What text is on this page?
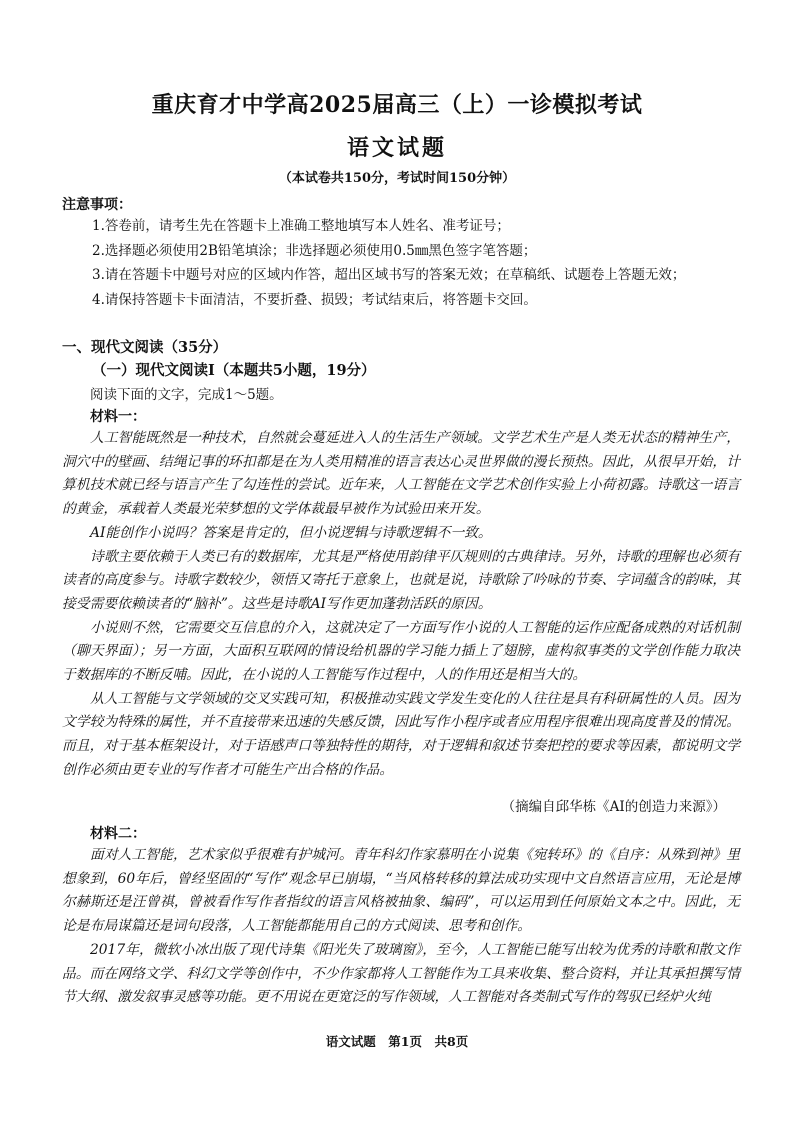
重庆育才中学高2025届高三（上）一诊模拟考试
语文试题
（本试卷共150分，考试时间150分钟）
注意事项：
1.答卷前，请考生先在答题卡上准确工整地填写本人姓名、准考证号；
2.选择题必须使用2B铅笔填涂；非选择题必须使用0.5㎜黑色签字笔答题；
3.请在答题卡中题号对应的区域内作答，超出区域书写的答案无效；在草稿纸、试题卷上答题无效；
4.请保持答题卡卡面清洁，不要折叠、损毁；考试结束后，将答题卡交回。
一、现代文阅读（35分）
（一）现代文阅读Ⅰ（本题共5小题，19分）
阅读下面的文字，完成1～5题。
材料一：

人工智能既然是一种技术，自然就会蔓延进入人的生活生产领域。文学艺术生产是人类无状态的精神生产，洞穴中的壁画、结绳记事的环扣都是在为人类用精准的语言表达心灵世界做的漫长预热。因此，从很早开始，计算机技术就已经与语言产生了勾连性的尝试。近年来，人工智能在文学艺术创作实验上小荷初露。诗歌这一语言的黄金，承载着人类最光荣梦想的文学体裁最早被作为试验田来开发。

AI能创作小说吗？答案是肯定的，但小说逻辑与诗歌逻辑不一致。

诗歌主要依赖于人类已有的数据库，尤其是严格使用韵律平仄规则的古典律诗。另外，诗歌的理解也必须有读者的高度参与。诗歌字数较少，领悟又寄托于意象上，也就是说，诗歌除了吟咏的节奏、字词蕴含的韵味，其接受需要依赖读者的“脑补”。这些是诗歌AI写作更加蓬勃活跃的原因。

小说则不然，它需要交互信息的介入，这就决定了一方面写作小说的人工智能的运作应配备成熟的对话机制（聊天界面）；另一方面，大面积互联网的情设给机器的学习能力插上了翅膀，虚构叙事类的文学创作能力取决于数据库的不断反哺。因此，在小说的人工智能写作过程中，人的作用还是相当大的。

从人工智能与文学领域的交叉实践可知，积极推动实践文学发生变化的人往往是具有科研属性的人员。因为文学较为特殊的属性，并不直接带来迅速的失感反馈，因此写作小程序或者应用程序很难出现高度普及的情况。而且，对于基本框架设计，对于语感声口等独特性的期待，对于逻辑和叙述节奏把控的要求等因素，都说明文学创作必须由更专业的写作者才可能生产出合格的作品。

（摘编自邱华栋《AI的创造力来源》）
材料二：

面对人工智能，艺术家似乎很难有护城河。青年科幻作家慕明在小说集《宛转环》的《自序：从殊到神》里想象到，60年后，曾经坚固的“写作”观念早已崩塌，“当风格转移的算法成功实现中文自然语言应用，无论是博尔赫斯还是汪曾祺，曾被看作写作者指纹的语言风格被抽象、编码”，可以运用到任何原始文本之中。因此，无论是布局谋篇还是词句段落，人工智能都能用自己的方式阅读、思考和创作。

2017年，微软小冰出版了现代诗集《阳光失了玻璃窗》，至今，人工智能已能写出较为优秀的诗歌和散文作品。而在网络文学、科幻文学等创作中，不少作家都将人工智能作为工具来收集、整合资料，并让其承担撰写情节大纲、激发叙事灵感等功能。更不用说在更宽泛的写作领域，人工智能对各类制式写作的驾驭已经炉火纯

语文试题　第1页　共8页
